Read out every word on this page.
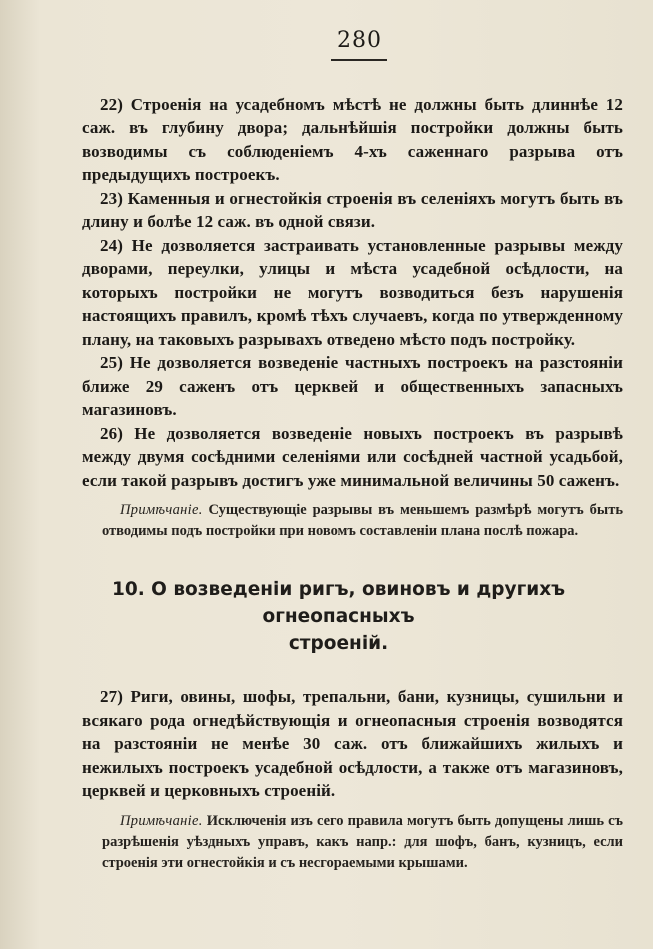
280

22) Строенія на усадебномъ мѣстѣ не должны быть длиннѣе 12 саж. въ глубину двора; дальнѣйшія постройки должны быть возводимы съ соблюденіемъ 4-хъ саженнаго разрыва отъ предыдущихъ построекъ.

23) Каменныя и огнестойкія строенія въ селеніяхъ могутъ быть въ длину и болѣе 12 саж. въ одной связи.

24) Не дозволяется застраивать установленные разрывы между дворами, переулки, улицы и мѣста усадебной осѣдлости, на которыхъ постройки не могутъ возводиться безъ нарушенія настоящихъ правилъ, кромѣ тѣхъ случаевъ, когда по утвержденному плану, на таковыхъ разрывахъ отведено мѣсто подъ постройку.

25) Не дозволяется возведеніе частныхъ построекъ на разстояніи ближе 29 саженъ отъ церквей и общественныхъ запасныхъ магазиновъ.

26) Не дозволяется возведеніе новыхъ построекъ въ разрывѣ между двумя сосѣдними селеніями или сосѣдней частной усадьбой, если такой разрывъ достигъ уже минимальной величины 50 саженъ.

Примѣчаніе. Существующіе разрывы въ меньшемъ размѣрѣ могутъ быть отводимы подъ постройки при новомъ составленіи плана послѣ пожара.

10. О возведеніи ригъ, овиновъ и другихъ огнеопасныхъ
строеній.

27) Риги, овины, шофы, трепальни, бани, кузницы, сушильни и всякаго рода огнедѣйствующія и огнеопасныя строенія возводятся на разстояніи не менѣе 30 саж. отъ ближайшихъ жилыхъ и нежилыхъ построекъ усадебной осѣдлости, а также отъ магазиновъ, церквей и церковныхъ строеній.

Примѣчаніе. Исключенія изъ сего правила могутъ быть допущены лишь съ разрѣшенія уѣздныхъ управъ, какъ напр.: для шофъ, банъ, кузницъ, если строенія эти огнестойкія и съ несгораемыми крышами.
